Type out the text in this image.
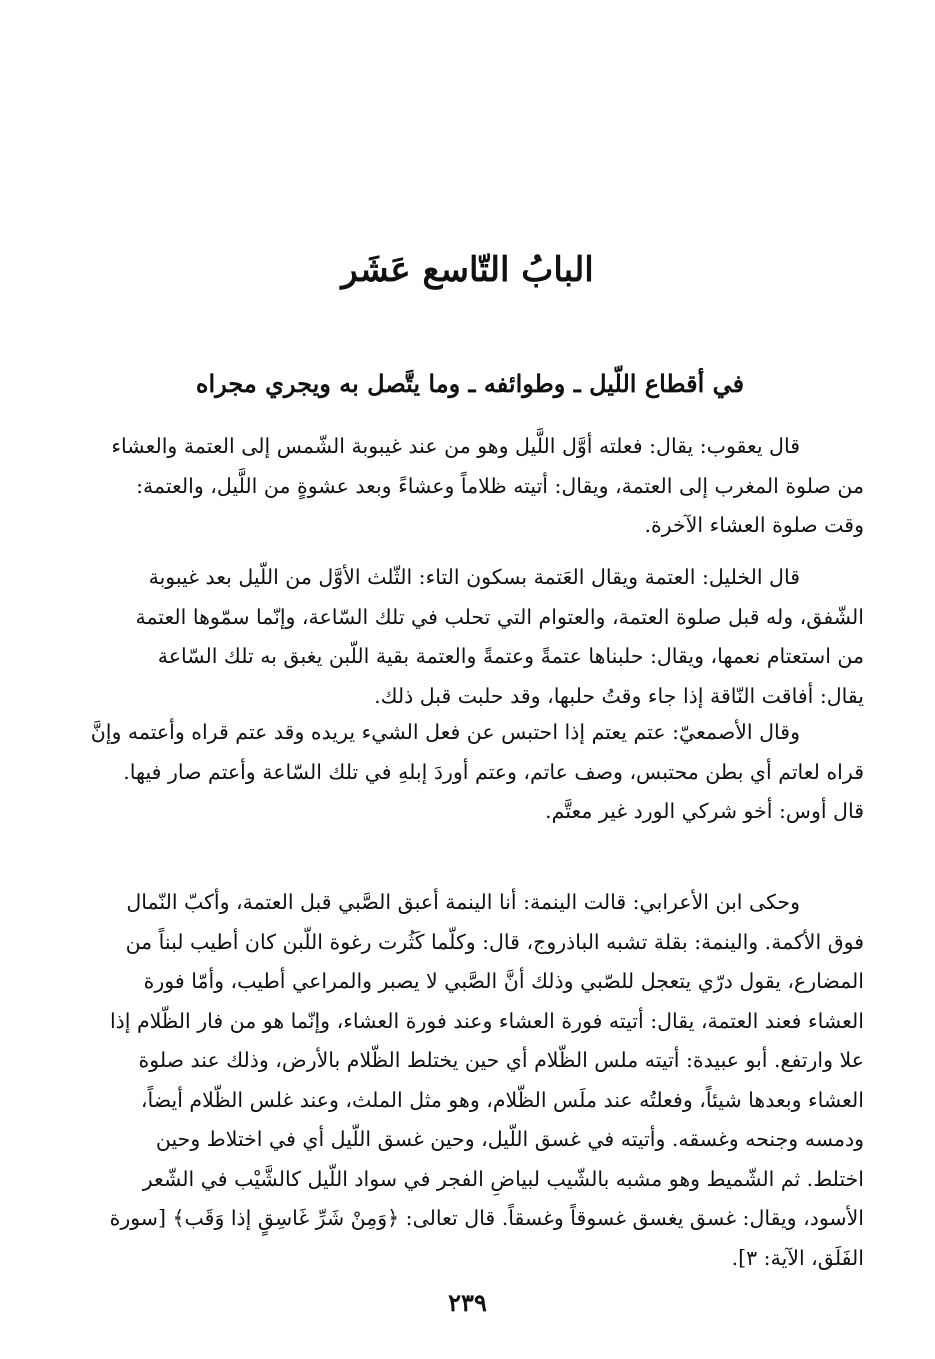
البابُ التّاسع عَشَر
في أقطاع اللّيل ـ وطوائفه ـ وما يتَّصل به ويجري مجراه
قال يعقوب: يقال: فعلته أوَّل اللَّيل وهو من عند غيبوبة الشّمس إلى العتمة والعشاء
من صلوة المغرب إلى العتمة، ويقال: أتيته ظلاماً وعشاءً وبعد عشوةٍ من اللَّيل، والعتمة:
وقت صلوة العشاء الآخرة.
قال الخليل: العتمة ويقال العَتمة بسكون التاء: الثّلث الأوَّل من اللّيل بعد غيبوبة
الشّفق، وله قبل صلوة العتمة، والعتوام التي تحلب في تلك السّاعة، وإنّما سمّوها العتمة
من استعتام نعمها، ويقال: حلبناها عتمةً وعتمةً والعتمة بقية اللّبن يغبق به تلك السّاعة
يقال: أفاقت النّاقة إذا جاء وقتُ حلبها، وقد حلبت قبل ذلك.
وقال الأصمعيّ: عتم يعتم إذا احتبس عن فعل الشيء يريده وقد عتم قراه وأعتمه وإنَّ
قراه لعاتم أي بطن محتبس، وصف عاتم، وعتم أوردَ إبلهِ في تلك السّاعة وأعتم صار فيها.
قال أوس: أخو شركي الورد غير معتَّم.
وحكى ابن الأعرابي: قالت الينمة: أنا الينمة أعبق الصَّبي قبل العتمة، وأكبّ النّمال
فوق الأكمة. والينمة: بقلة تشبه الباذروج، قال: وكلّما كَثُرت رغوة اللّبن كان أطيب لبناً من
المضارع، يقول درّي يتعجل للصّبي وذلك أنَّ الصَّبي لا يصبر والمراعي أطيب، وأمّا فورة
العشاء فعند العتمة، يقال: أتيته فورة العشاء وعند فورة العشاء، وإنّما هو من فار الظّلام إذا
علا وارتفع. أبو عبيدة: أتيته ملس الظّلام أي حين يختلط الظّلام بالأرض، وذلك عند صلوة
العشاء وبعدها شيئاً، وفعلتُه عند ملَس الظّلام، وهو مثل الملث، وعند غلس الظّلام أيضاً،
ودمسه وجنحه وغسقه. وأتيته في غسق اللّيل، وحين غسق اللّيل أي في اختلاط وحين
اختلط. ثم الشّميط وهو مشبه بالشّيب لبياضِ الفجر في سواد اللّيل كالشَّيْب في الشّعر
الأسود، ويقال: غسق يغسق غسوقاً وغسقاً. قال تعالى: ﴿وَمِنْ شَرِّ غَاسِقٍ إذا وَقَب﴾ [سورة
الفَلَق، الآية: ٣].
٢٣٩
